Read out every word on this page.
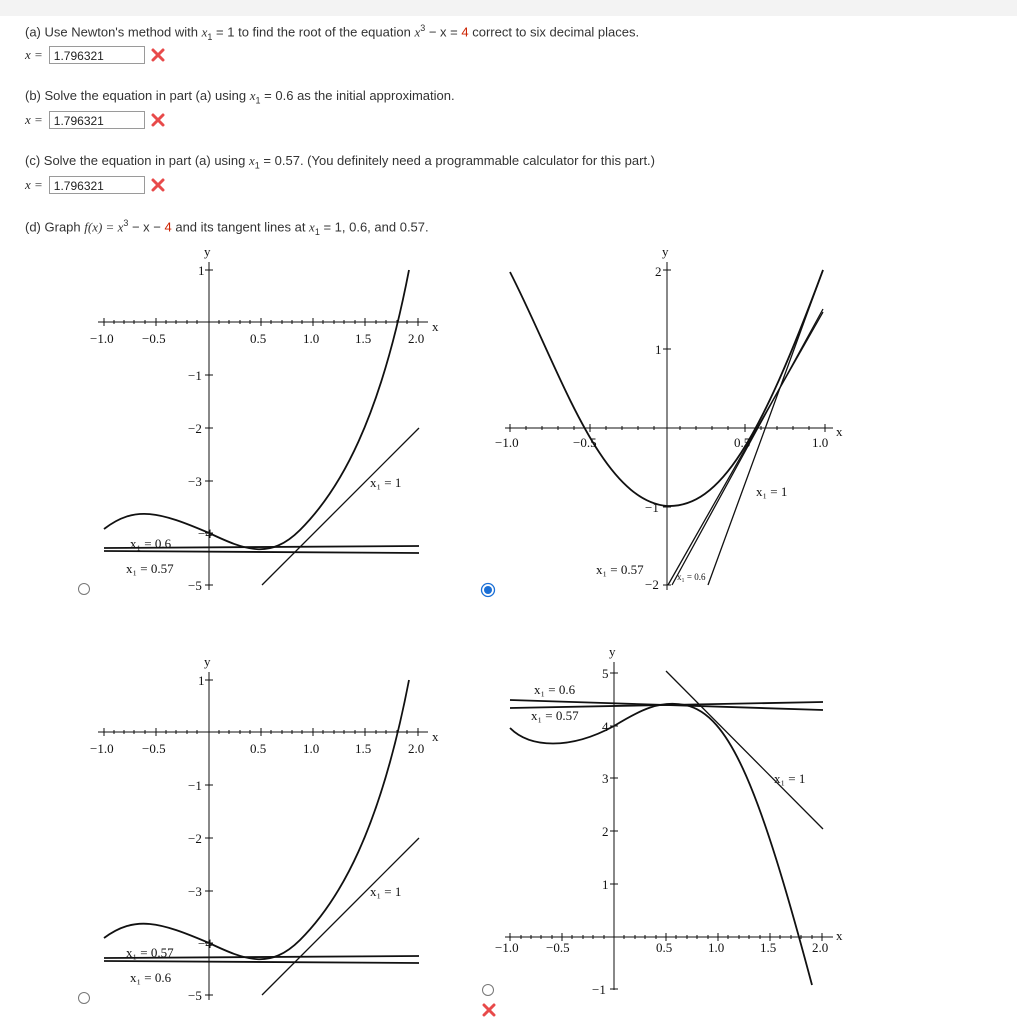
(a) Use Newton's method with $x_1 = 1$ to find the root of the equation $x^3 - x = 4$ correct to six decimal places.
x = 1.796321
(b) Solve the equation in part (a) using $x_1 = 0.6$ as the initial approximation.
x = 1.796321
(c) Solve the equation in part (a) using $x_1 = 0.57$. (You definitely need a programmable calculator for this part.)
x = 1.796321
(d) Graph $f(x) = x^3 - x - 4$ and its tangent lines at $x_1 = 1$, 0.6, and 0.57.
x
y
−1.0 −0.5	0.5	1.0	1.5	2.0
1
−1
−2
−3
−4
−5
x₁ = 1
x₁ = 0.6
x₁ = 0.57
x
y
−1.0	−0.5	0.5	1.0
2
1
−1
−2
x₁ = 1
x₁ = 0.57	x₁ = 0.6
x
y
−1.0 −0.5	0.5	1.0	1.5	2.0
1
−1
−2
−3
−4
−5
x₁ = 1
x₁ = 0.57
x₁ = 0.6
x
y
−1.0 −0.5	0.5	1.0	1.5	2.0
5
4
3
2
1
−1
x₁ = 0.6
x₁ = 0.57
x₁ = 1
